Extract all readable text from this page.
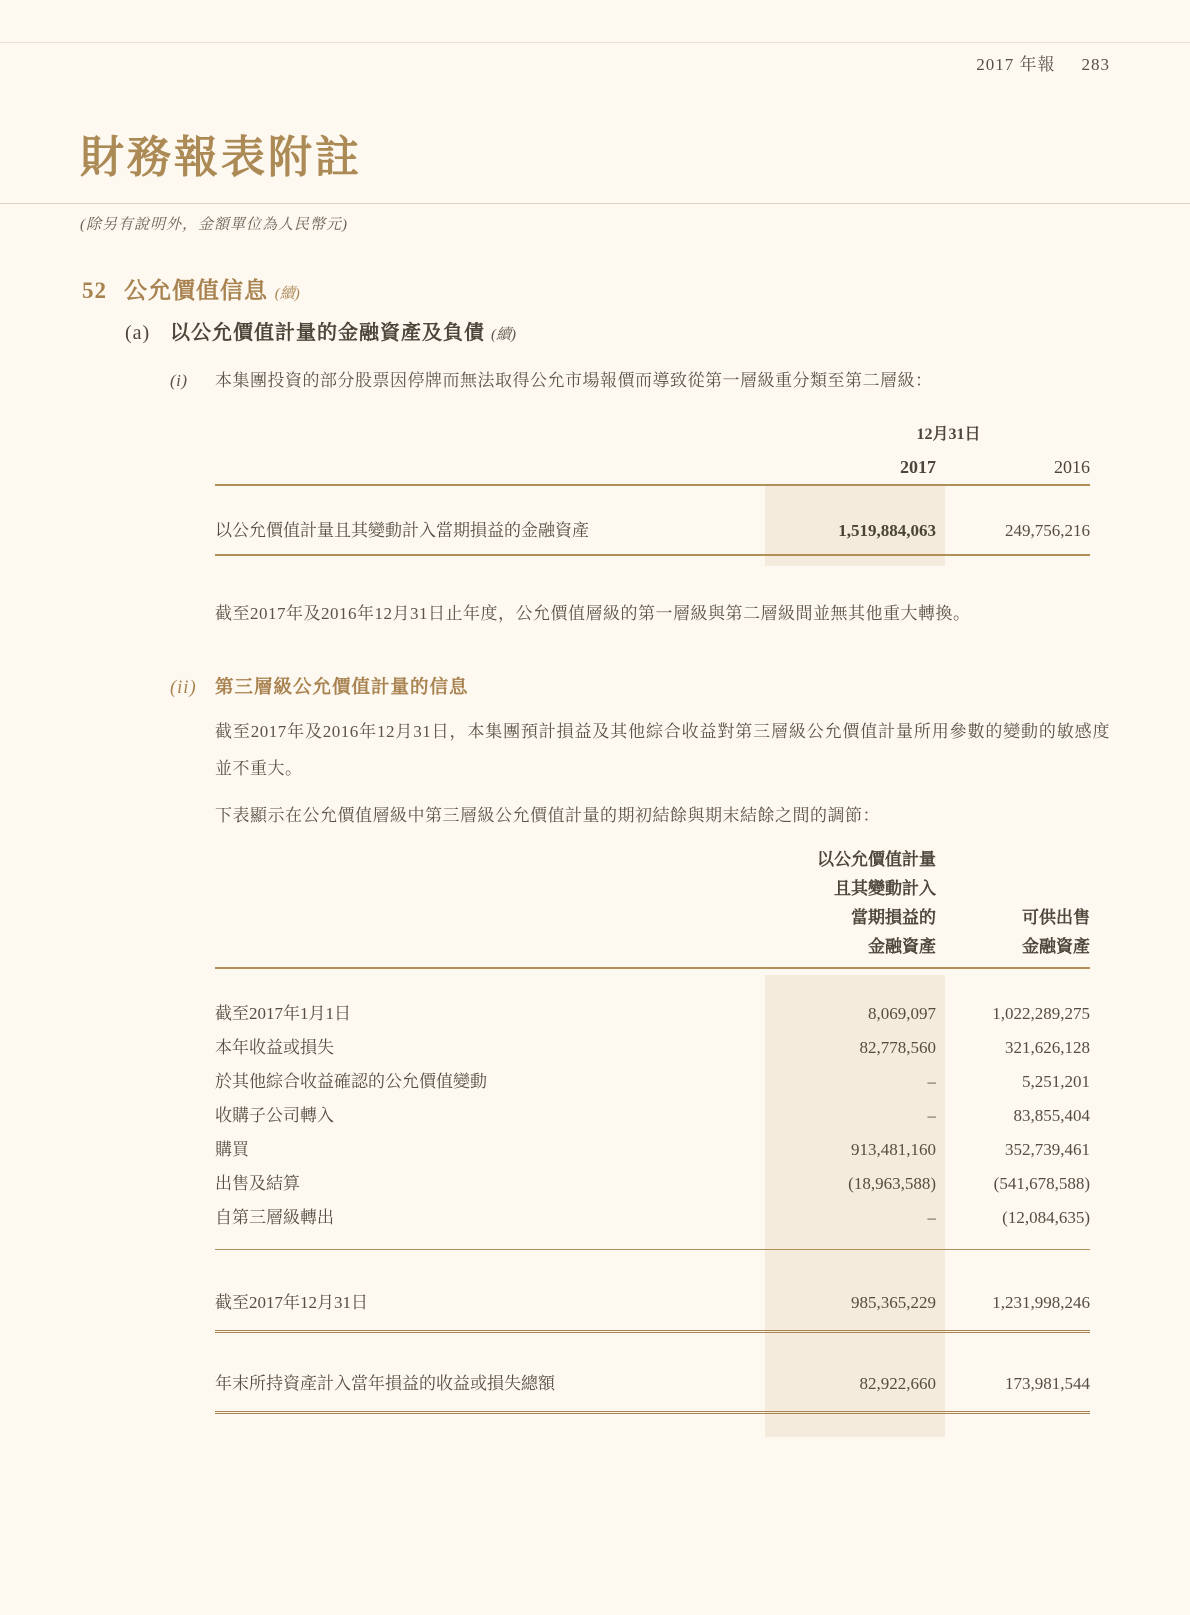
2017 年報 283
財務報表附註
(除另有說明外，金額單位為人民幣元)
52 公允價值信息 (續)
(a) 以公允價值計量的金融資產及負債 (續)
(i) 本集團投資的部分股票因停牌而無法取得公允市場報價而導致從第一層級重分類至第二層級：
12月31日
2017	2016
以公允價值計量且其變動計入當期損益的金融資產	1,519,884,063	249,756,216
截至2017年及2016年12月31日止年度，公允價值層級的第一層級與第二層級間並無其他重大轉換。
(ii) 第三層級公允價值計量的信息
截至2017年及2016年12月31日，本集團預計損益及其他綜合收益對第三層級公允價值計量所用參數的變動的敏感度並不重大。
下表顯示在公允價值層級中第三層級公允價值計量的期初結餘與期末結餘之間的調節：
以公允價值計量
且其變動計入
當期損益的
金融資產
可供出售
金融資產
截至2017年1月1日	8,069,097	1,022,289,275
本年收益或損失	82,778,560	321,626,128
於其他綜合收益確認的公允價值變動	–	5,251,201
收購子公司轉入	–	83,855,404
購買	913,481,160	352,739,461
出售及結算	(18,963,588)	(541,678,588)
自第三層級轉出	–	(12,084,635)
截至2017年12月31日	985,365,229	1,231,998,246
年末所持資產計入當年損益的收益或損失總額	82,922,660	173,981,544
